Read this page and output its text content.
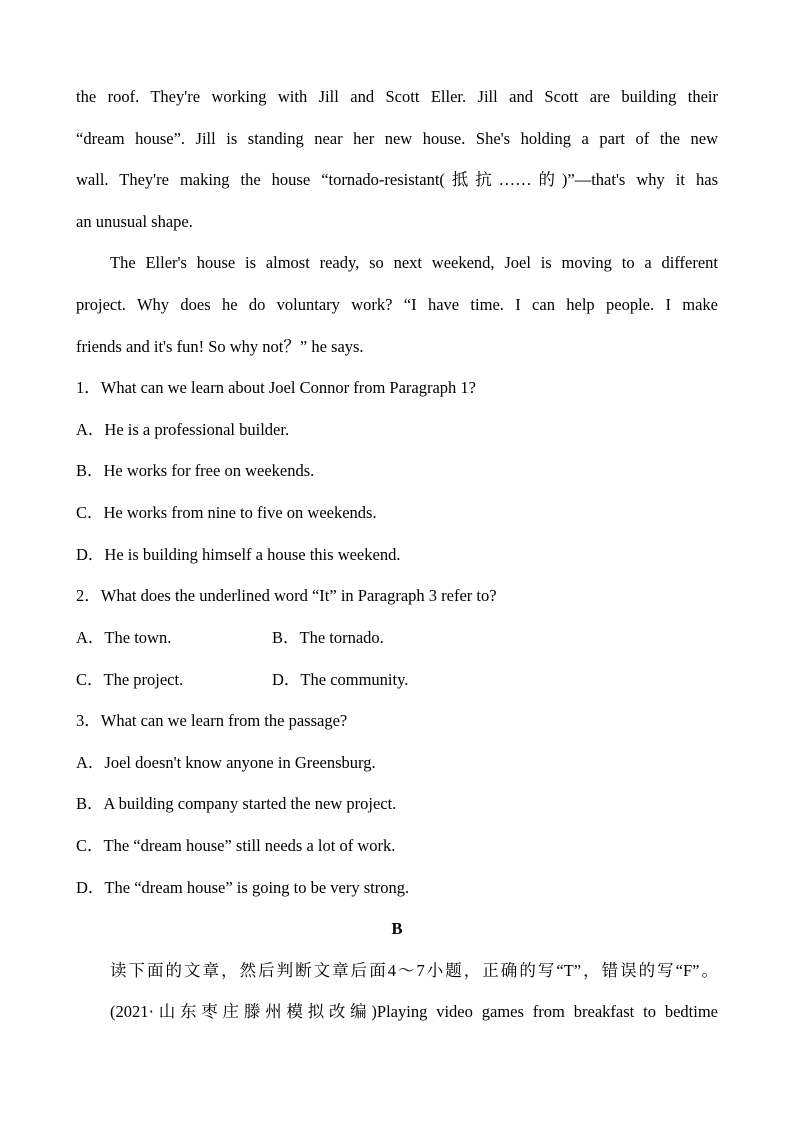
the roof. They're working with Jill and Scott Eller. Jill and Scott are building their
“dream house”. Jill is standing near her new house. She's holding a part of the new
wall. They're making the house “tornado-resistant(抵抗……的)”—that's why it has
an unusual shape.
The Eller's house is almost ready, so next weekend, Joel is moving to a different
project. Why does he do voluntary work? “I have time. I can help people. I make
friends and it's fun! So why not？” he says.
1．What can we learn about Joel Connor from Paragraph 1?
A．He is a professional builder.
B．He works for free on weekends.
C．He works from nine to five on weekends.
D．He is building himself a house this weekend.
2．What does the underlined word “It” in Paragraph 3 refer to?
A．The town.	B．The tornado.
C．The project.	D．The community.
3．What can we learn from the passage?
A．Joel doesn't know anyone in Greensburg.
B．A building company started the new project.
C．The “dream house” still needs a lot of work.
D．The “dream house” is going to be very strong.
B
读下面的文章，然后判断文章后面4～7小题，正确的写“T”，错误的写“F”。
(2021·山东枣庄滕州模拟改编)Playing video games from breakfast to bedtime
